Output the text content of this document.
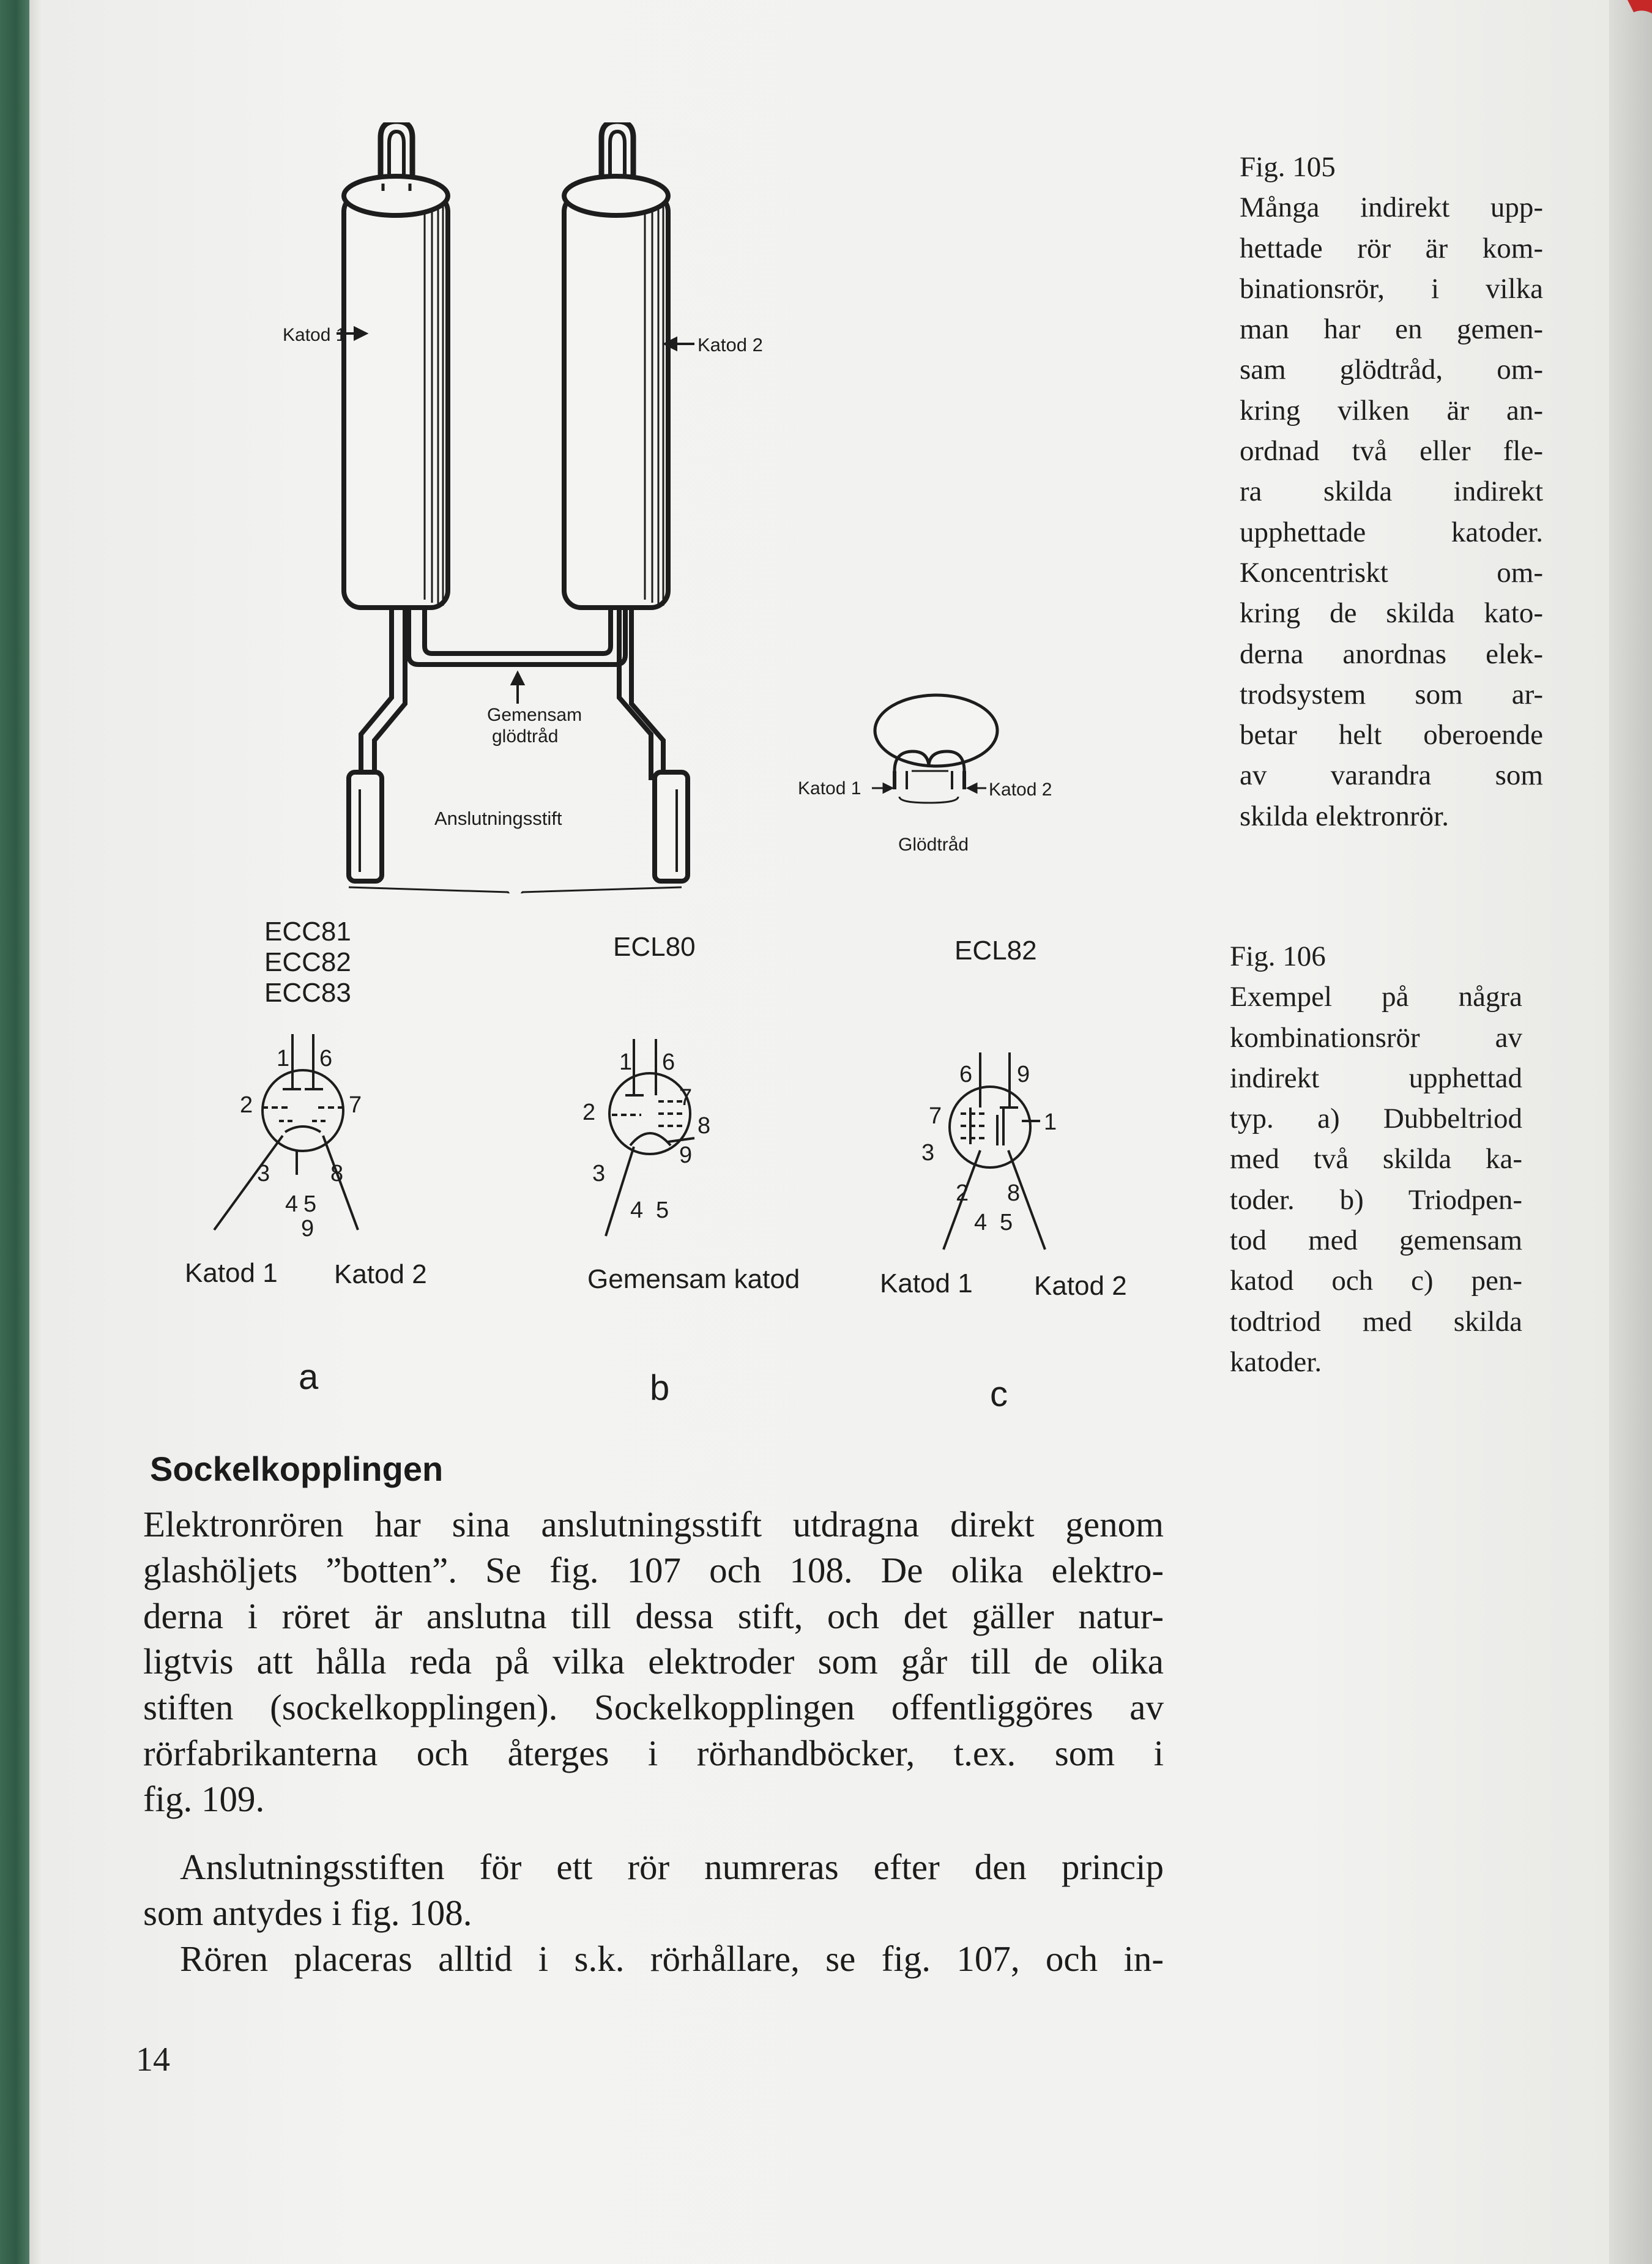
Katod 1	Katod 2
Gemensam
glödtråd
Anslutningsstift
Katod 1	Katod 2
Glödtråd
Fig. 105
Många indirekt upp-
hettade rör är kom-
binationsrör, i vilka
man har en gemen-
sam glödtråd, om-
kring vilken är an-
ordnad två eller fle-
ra skilda indirekt
upphettade katoder.
Koncentriskt om-
kring de skilda kato-
derna anordnas elek-
trodsystem som ar-
betar helt oberoende
av varandra som
skilda elektronrör.
ECC81
ECC82
ECC83
1 6
2	7
3	8
4 5
9
Katod 1 Katod 2
a
ECL80
1 6
2
7
8
3
9
4 5
Gemensam katod
b
ECL82
6 9
7	1
3
2 8
4 5
Katod 1 Katod 2
c
Fig. 106
Exempel på några
kombinationsrör av
indirekt upphettad
typ. a) Dubbeltriod
med två skilda ka-
toder. b) Triodpen-
tod med gemensam
katod och c) pen-
todtriod med skilda
katoder.
Sockelkopplingen

Elektronrören har sina anslutningsstift utdragna direkt genom
glashöljets ”botten”. Se fig. 107 och 108. De olika elektro-
derna i röret är anslutna till dessa stift, och det gäller natur-
ligtvis att hålla reda på vilka elektroder som går till de olika
stiften (sockelkopplingen). Sockelkopplingen offentliggöres av
rörfabrikanterna och återges i rörhandböcker, t.ex. som i
fig. 109.

Anslutningsstiften för ett rör numreras efter den princip
som antydes i fig. 108.

Rören placeras alltid i s.k. rörhållare, se fig. 107, och in-

14
